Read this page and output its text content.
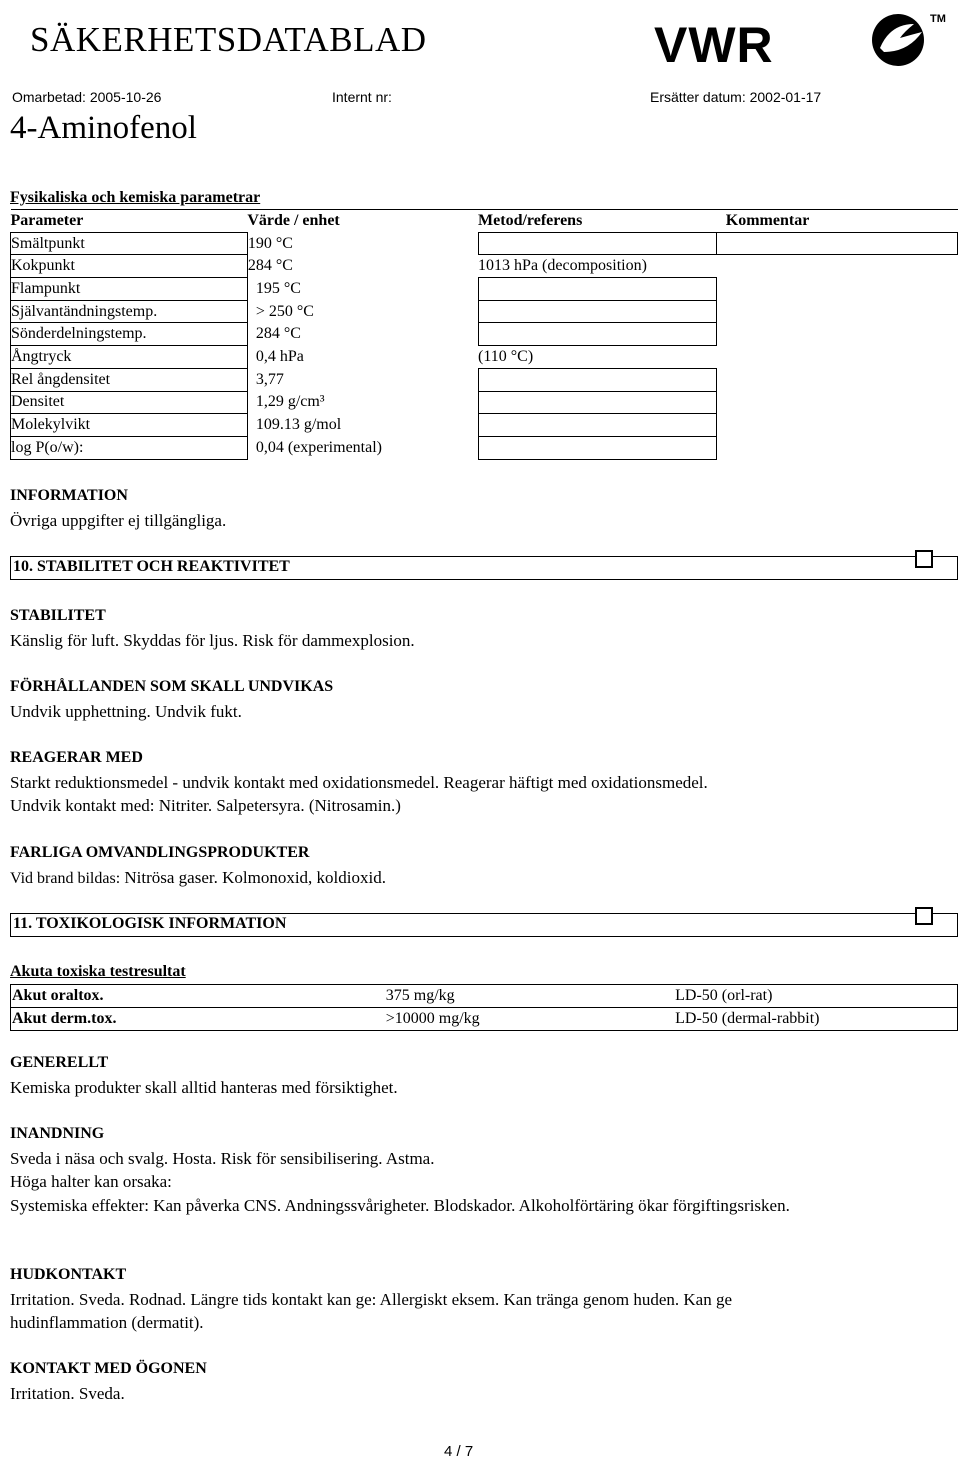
SÄKERHETSDATABLAD	VWR	TM
Omarbetad: 2005-10-26	Internt nr:	Ersätter datum: 2002-01-17
4-Aminofenol
Fysikaliska och kemiska parametrar
Parameter	Värde / enhet	Metod/referens	Kommentar
Smältpunkt	190 °C		
Kokpunkt	284 °C	1013 hPa (decomposition)	
Flampunkt	195 °C		
Självantändningstemp.	> 250 °C		
Sönderdelningstemp.	284 °C		
Ångtryck	0,4 hPa	(110 °C)	
Rel ångdensitet	3,77		
Densitet	1,29 g/cm³		
Molekylvikt	109.13 g/mol		
log P(o/w):	0,04 (experimental)		
INFORMATION
Övriga uppgifter ej tillgängliga.
10. STABILITET OCH REAKTIVITET
STABILITET
Känslig för luft. Skyddas för ljus. Risk för dammexplosion.
FÖRHÅLLANDEN SOM SKALL UNDVIKAS
Undvik upphettning. Undvik fukt.
REAGERAR MED
Starkt reduktionsmedel - undvik kontakt med oxidationsmedel. Reagerar häftigt med oxidationsmedel.
Undvik kontakt med: Nitriter. Salpetersyra. (Nitrosamin.)
FARLIGA OMVANDLINGSPRODUKTER
Vid brand bildas: Nitrösa gaser. Kolmonoxid, koldioxid.
11. TOXIKOLOGISK INFORMATION
Akuta toxiska testresultat
Akut oraltox.	375 mg/kg	LD-50 (orl-rat)
Akut derm.tox.	>10000 mg/kg	LD-50 (dermal-rabbit)
GENERELLT
Kemiska produkter skall alltid hanteras med försiktighet.
INANDNING
Sveda i näsa och svalg. Hosta. Risk för sensibilisering. Astma.
Höga halter kan orsaka:
Systemiska effekter: Kan påverka CNS. Andningssvårigheter. Blodskador. Alkoholförtäring ökar förgiftingsrisken.
HUDKONTAKT
Irritation. Sveda. Rodnad. Längre tids kontakt kan ge: Allergiskt eksem. Kan tränga genom huden. Kan ge
hudinflammation (dermatit).
KONTAKT MED ÖGONEN
Irritation. Sveda.
4 / 7
